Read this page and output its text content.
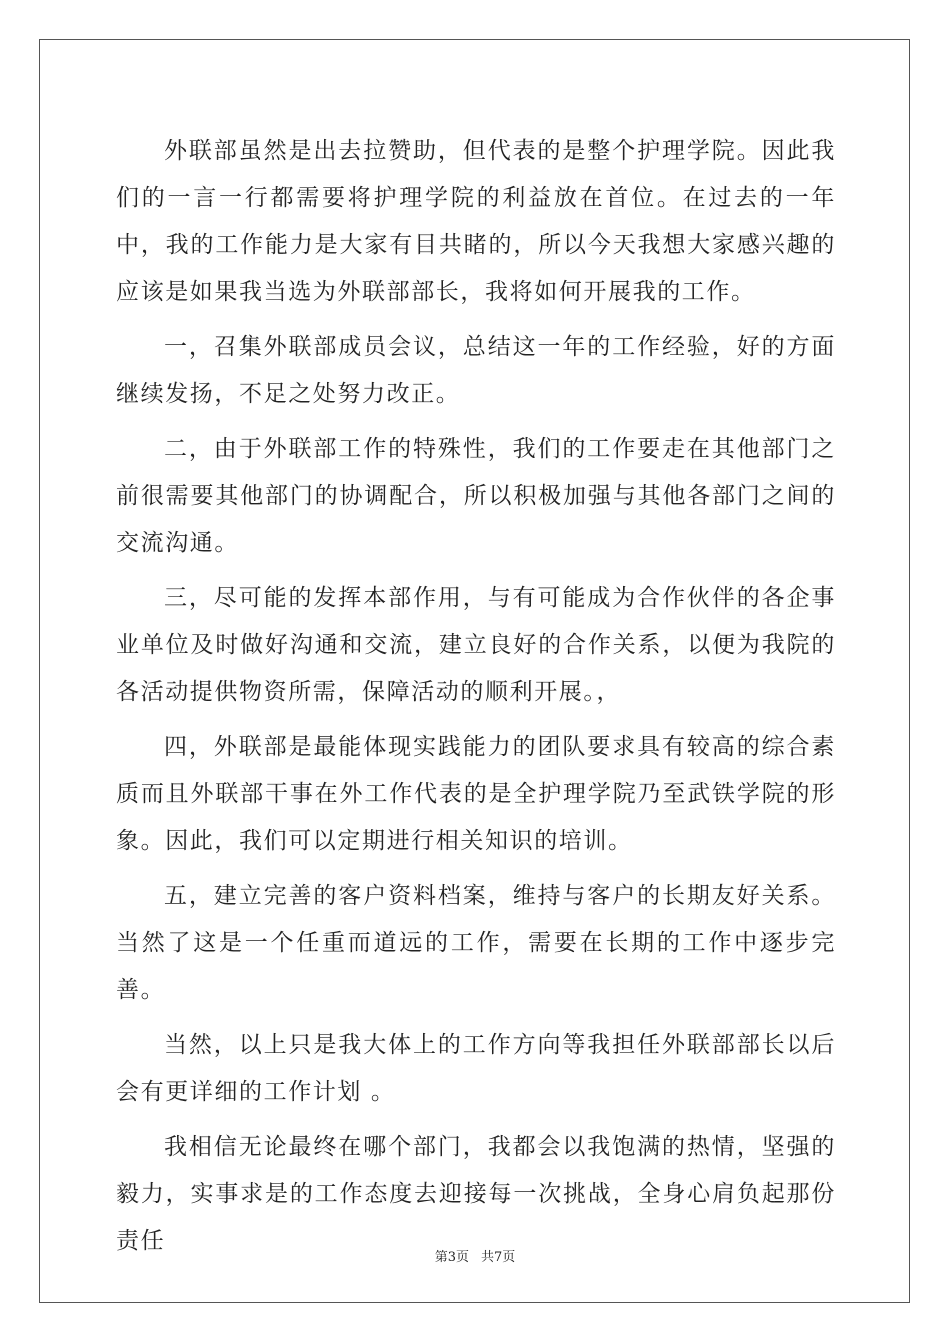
外联部虽然是出去拉赞助，但代表的是整个护理学院。因此我们的一言一行都需要将护理学院的利益放在首位。在过去的一年中，我的工作能力是大家有目共睹的，所以今天我想大家感兴趣的应该是如果我当选为外联部部长，我将如何开展我的工作。

一，召集外联部成员会议，总结这一年的工作经验，好的方面继续发扬，不足之处努力改正。

二，由于外联部工作的特殊性，我们的工作要走在其他部门之前很需要其他部门的协调配合，所以积极加强与其他各部门之间的交流沟通。

三，尽可能的发挥本部作用，与有可能成为合作伙伴的各企事业单位及时做好沟通和交流，建立良好的合作关系，以便为我院的各活动提供物资所需，保障活动的顺利开展。，

四，外联部是最能体现实践能力的团队要求具有较高的综合素质而且外联部干事在外工作代表的是全护理学院乃至武铁学院的形象。因此，我们可以定期进行相关知识的培训。

五，建立完善的客户资料档案，维持与客户的长期友好关系。当然了这是一个任重而道远的工作，需要在长期的工作中逐步完善。

当然，以上只是我大体上的工作方向等我担任外联部部长以后会有更详细的工作计划 。

我相信无论最终在哪个部门，我都会以我饱满的热情，坚强的毅力，实事求是的工作态度去迎接每一次挑战，全身心肩负起那份责任

第3页 共7页
